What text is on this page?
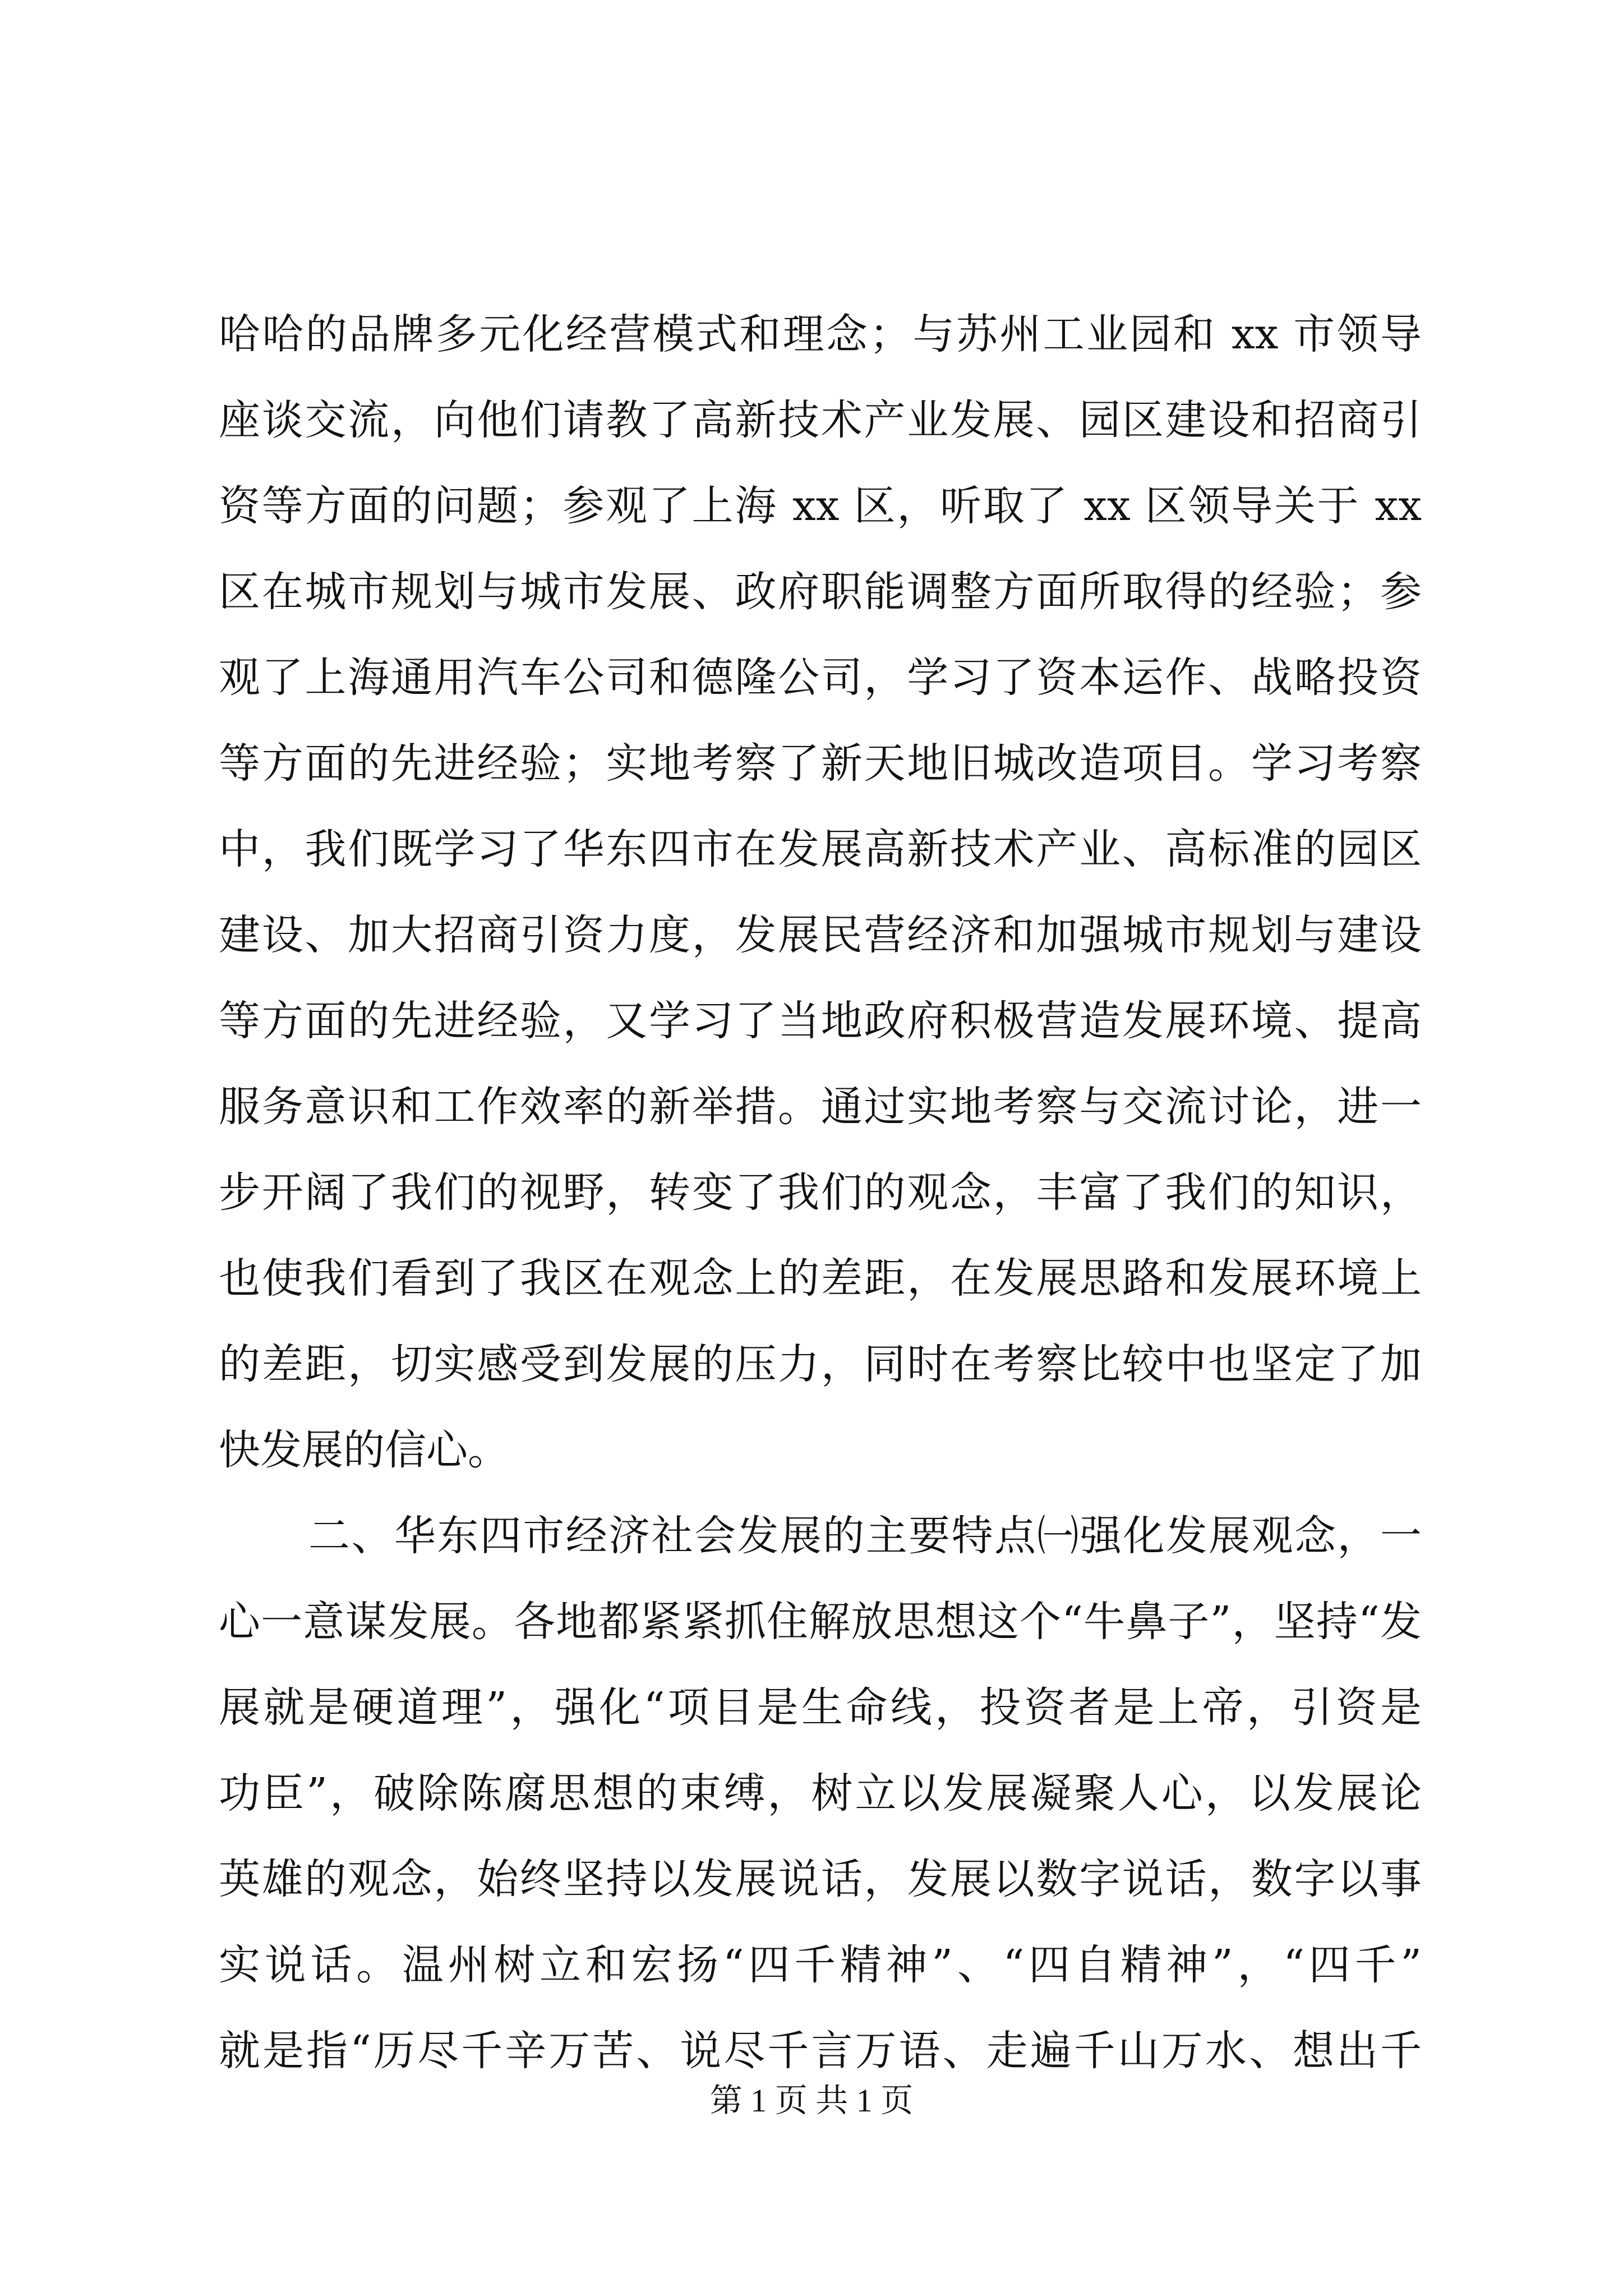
哈哈的品牌多元化经营模式和理念；与苏州工业园和 xx 市领导
座谈交流，向他们请教了高新技术产业发展、园区建设和招商引
资等方面的问题；参观了上海 xx 区，听取了 xx 区领导关于 xx
区在城市规划与城市发展、政府职能调整方面所取得的经验；参
观了上海通用汽车公司和德隆公司，学习了资本运作、战略投资
等方面的先进经验；实地考察了新天地旧城改造项目。学习考察
中，我们既学习了华东四市在发展高新技术产业、高标准的园区
建设、加大招商引资力度，发展民营经济和加强城市规划与建设
等方面的先进经验，又学习了当地政府积极营造发展环境、提高
服务意识和工作效率的新举措。通过实地考察与交流讨论，进一
步开阔了我们的视野，转变了我们的观念，丰富了我们的知识，
也使我们看到了我区在观念上的差距，在发展思路和发展环境上
的差距，切实感受到发展的压力，同时在考察比较中也坚定了加
快发展的信心。
二、华东四市经济社会发展的主要特点㈠强化发展观念，一
心一意谋发展。各地都紧紧抓住解放思想这个“牛鼻子”，坚持“发
展就是硬道理”，强化“项目是生命线，投资者是上帝，引资是
功臣”，破除陈腐思想的束缚，树立以发展凝聚人心，以发展论
英雄的观念，始终坚持以发展说话，发展以数字说话，数字以事
实说话。温州树立和宏扬“四千精神”、“四自精神”，“四千”
就是指“历尽千辛万苦、说尽千言万语、走遍千山万水、想出千
第 1 页 共 1 页
